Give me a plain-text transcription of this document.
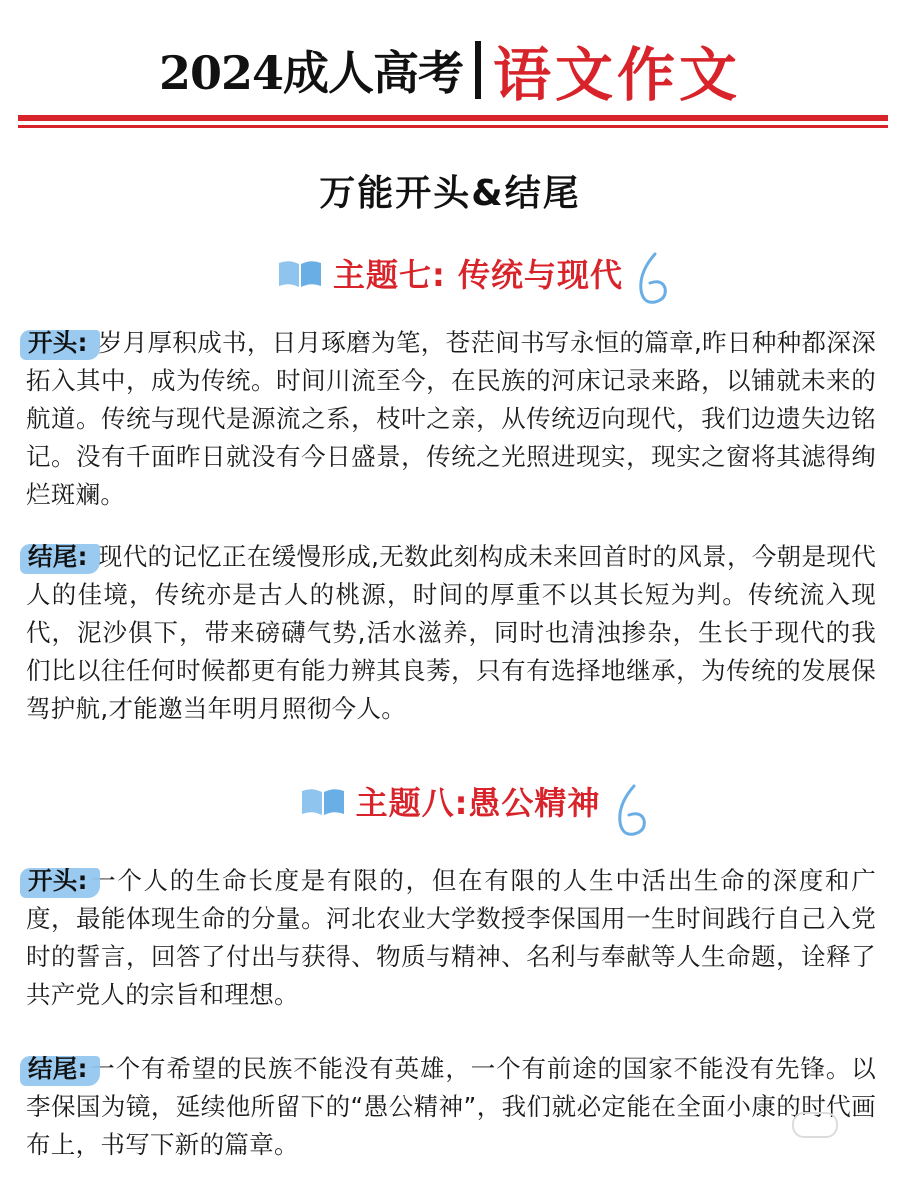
2024成人高考 语文作文
万能开头&结尾
主题七: 传统与现代
开头: 岁月厚积成书，日月琢磨为笔，苍茫间书写永恒的篇章,昨日种种都深深拓入其中，成为传统。时间川流至今，在民族的河床记录来路，以铺就未来的航道。传统与现代是源流之系，枝叶之亲，从传统迈向现代，我们边遗失边铭记。没有千面昨日就没有今日盛景，传统之光照进现实，现实之窗将其滤得绚烂斑斓。
结尾: 现代的记忆正在缓慢形成,无数此刻构成未来回首时的风景，今朝是现代人的佳境，传统亦是古人的桃源，时间的厚重不以其长短为判。传统流入现代，泥沙俱下，带来磅礴气势,活水滋养，同时也清浊掺杂，生长于现代的我们比以往任何时候都更有能力辨其良莠，只有有选择地继承，为传统的发展保驾护航,才能邀当年明月照彻今人。
主题八:愚公精神
开头:一个人的生命长度是有限的，但在有限的人生中活出生命的深度和广度，最能体现生命的分量。河北农业大学数授李保国用一生时间践行自己入党时的誓言，回答了付出与获得、物质与精神、名利与奉献等人生命题，诠释了共产党人的宗旨和理想。
结尾:一个有希望的民族不能没有英雄，一个有前途的国家不能没有先锋。以李保国为镜，延续他所留下的“愚公精神”，我们就必定能在全面小康的时代画布上，书写下新的篇章。
